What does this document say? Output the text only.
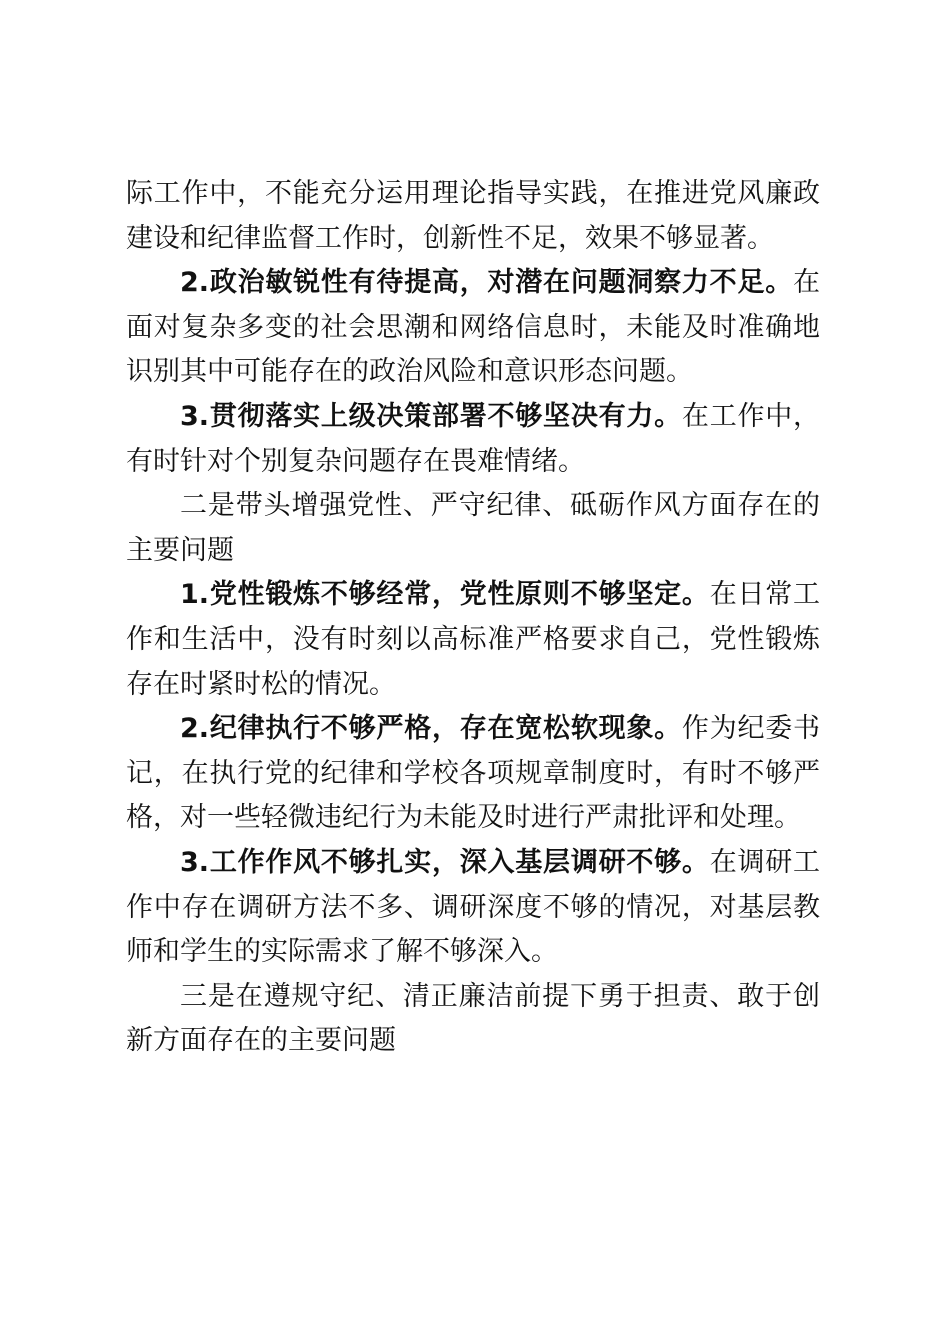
际工作中，不能充分运用理论指导实践，在推进党风廉政建设和纪律监督工作时，创新性不足，效果不够显著。

2.政治敏锐性有待提高，对潜在问题洞察力不足。在面对复杂多变的社会思潮和网络信息时，未能及时准确地识别其中可能存在的政治风险和意识形态问题。

3.贯彻落实上级决策部署不够坚决有力。在工作中，有时针对个别复杂问题存在畏难情绪。

二是带头增强党性、严守纪律、砥砺作风方面存在的主要问题

1.党性锻炼不够经常，党性原则不够坚定。在日常工作和生活中，没有时刻以高标准严格要求自己，党性锻炼存在时紧时松的情况。

2.纪律执行不够严格，存在宽松软现象。作为纪委书记，在执行党的纪律和学校各项规章制度时，有时不够严格，对一些轻微违纪行为未能及时进行严肃批评和处理。

3.工作作风不够扎实，深入基层调研不够。在调研工作中存在调研方法不多、调研深度不够的情况，对基层教师和学生的实际需求了解不够深入。

三是在遵规守纪、清正廉洁前提下勇于担责、敢于创新方面存在的主要问题
